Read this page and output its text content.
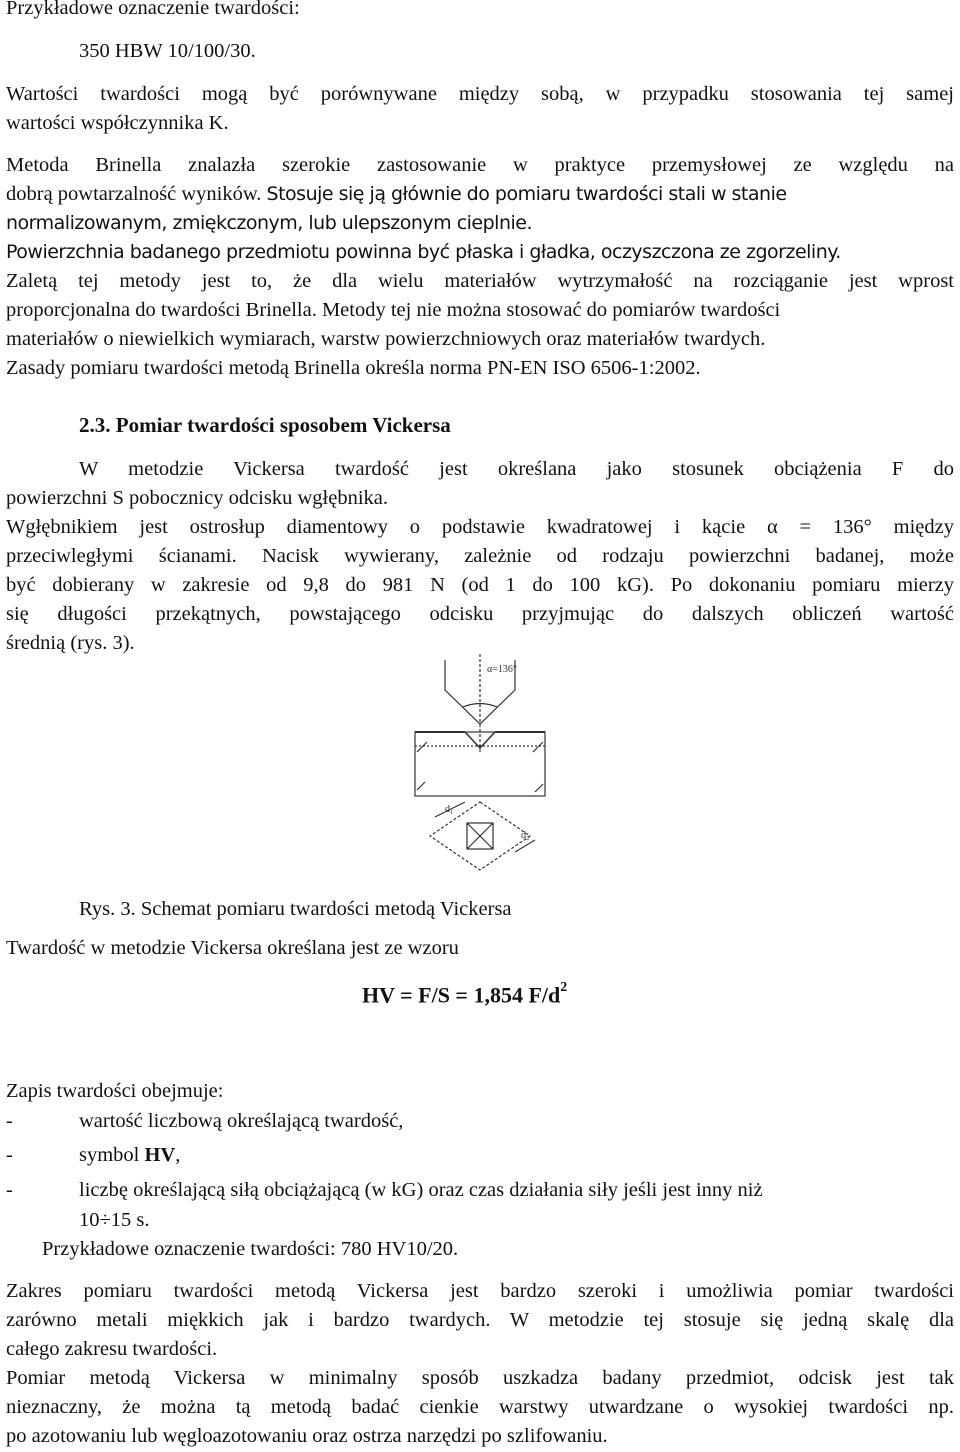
Przykładowe oznaczenie twardości:
350 HBW 10/100/30.
Wartości twardości mogą być porównywane między sobą, w przypadku stosowania tej samej
wartości współczynnika K.
Metoda Brinella znalazła szerokie zastosowanie w praktyce przemysłowej ze względu na
dobrą powtarzalność wyników. Stosuje się ją głównie do pomiaru twardości stali w stanie
normalizowanym, zmiękczonym, lub ulepszonym cieplnie.
Powierzchnia badanego przedmiotu powinna być płaska i gładka, oczyszczona ze zgorzeliny.
Zaletą tej metody jest to, że dla wielu materiałów wytrzymałość na rozciąganie jest wprost
proporcjonalna do twardości Brinella. Metody tej nie można stosować do pomiarów twardości
materiałów o niewielkich wymiarach, warstw powierzchniowych oraz materiałów twardych.
Zasady pomiaru twardości metodą Brinella określa norma PN-EN ISO 6506-1:2002.
2.3. Pomiar twardości sposobem Vickersa
W metodzie Vickersa twardość jest określana jako stosunek obciążenia F do
powierzchni S pobocznicy odcisku wgłębnika.
Wgłębnikiem jest ostrosłup diamentowy o podstawie kwadratowej i kącie α = 136° między
przeciwległymi ścianami. Nacisk wywierany, zależnie od rodzaju powierzchni badanej, może
być dobierany w zakresie od 9,8 do 981 N (od 1 do 100 kG). Po dokonaniu pomiaru mierzy
się długości przekątnych, powstającego odcisku przyjmując do dalszych obliczeń wartość
średnią (rys. 3).
α=136°
d₁
d₂
Rys. 3. Schemat pomiaru twardości metodą Vickersa
Twardość w metodzie Vickersa określana jest ze wzoru
HV = F/S = 1,854 $F/d^2$
Zapis twardości obejmuje:
-	wartość liczbową określającą twardość,
-	symbol HV,
-	liczbę określającą siłą obciążającą (w kG) oraz czas działania siły jeśli jest inny niż
10÷15 s.
Przykładowe oznaczenie twardości: 780 HV10/20.
Zakres pomiaru twardości metodą Vickersa jest bardzo szeroki i umożliwia pomiar twardości
zarówno metali miękkich jak i bardzo twardych. W metodzie tej stosuje się jedną skalę dla
całego zakresu twardości.
Pomiar metodą Vickersa w minimalny sposób uszkadza badany przedmiot, odcisk jest tak
nieznaczny, że można tą metodą badać cienkie warstwy utwardzane o wysokiej twardości np.
po azotowaniu lub węgloazotowaniu oraz ostrza narzędzi po szlifowaniu.
